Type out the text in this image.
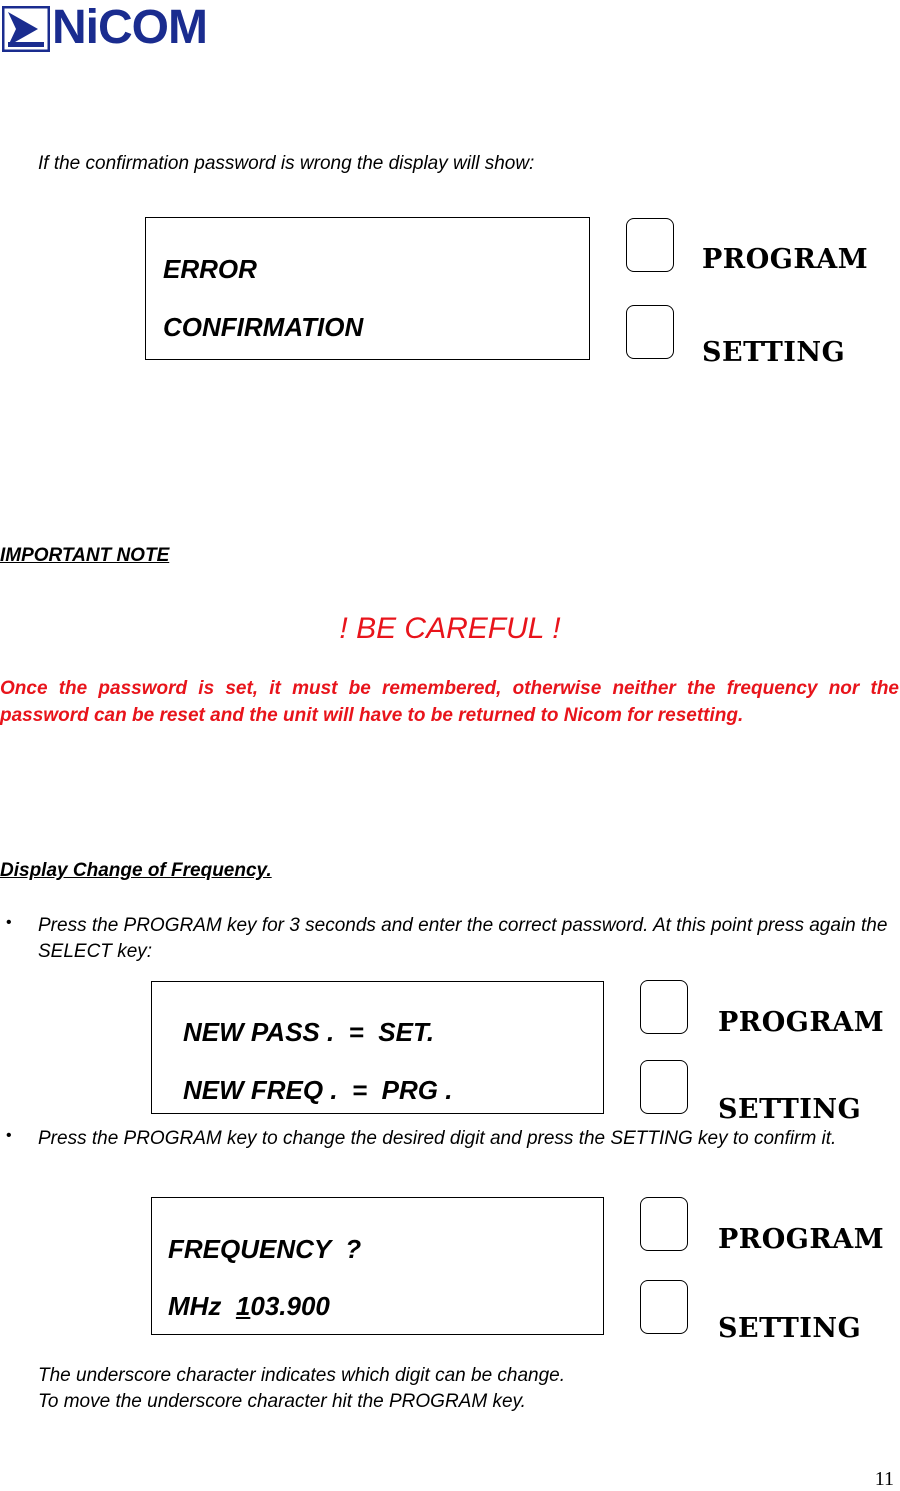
NiCOM
If the confirmation password is wrong the display will show:
ERROR
CONFIRMATION
PROGRAM
SETTING
IMPORTANT NOTE
! BE CAREFUL !
Once the password is set, it must be remembered, otherwise neither the frequency nor the password can be reset and the unit will have to be returned to Nicom for resetting.
Display Change of Frequency.
• Press the PROGRAM key for 3 seconds and enter the correct password. At this point press again the SELECT key:
NEW PASS .  =  SET.
NEW FREQ .  =  PRG .
PROGRAM
SETTING
• Press the PROGRAM key to change the desired digit and press the SETTING key to confirm it.
FREQUENCY  ?
MHz  103.900
PROGRAM
SETTING
The underscore character indicates which digit can be change.
To move the underscore character hit the PROGRAM key.
11
